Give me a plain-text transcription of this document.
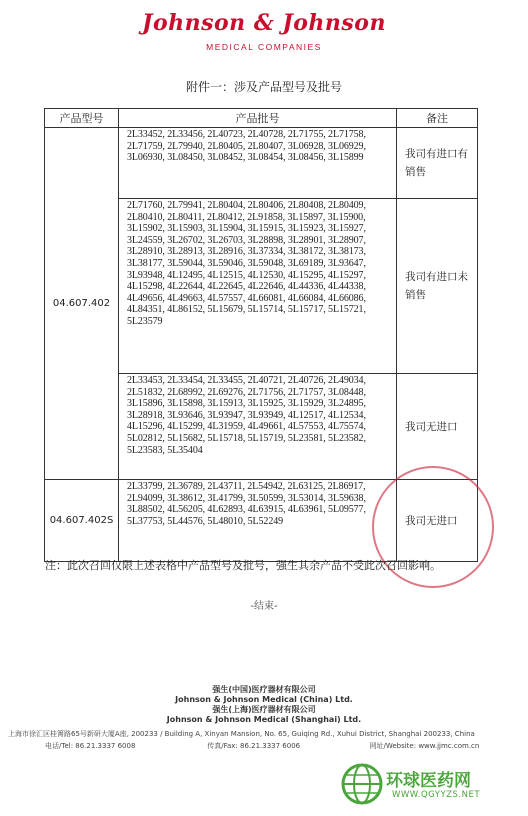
Johnson & Johnson
MEDICAL COMPANIES
附件一：涉及产品型号及批号
产品型号	产品批号	备注
04.607.402	2L33452, 2L33456, 2L40723, 2L40728, 2L71755, 2L71758, 2L71759, 2L79940, 2L80405, 2L80407, 3L06928, 3L06929, 3L06930, 3L08450, 3L08452, 3L08454, 3L08456, 3L15899	我司有进口有销售
	2L71760, 2L79941, 2L80404, 2L80406, 2L80408, 2L80409, 2L80410, 2L80411, 2L80412, 2L91858, 3L15897, 3L15900, 3L15902, 3L15903, 3L15904, 3L15915, 3L15923, 3L15927, 3L24559, 3L26702, 3L26703, 3L28898, 3L28901, 3L28907, 3L28910, 3L28913, 3L28916, 3L37334, 3L38172, 3L38173, 3L38177, 3L59044, 3L59046, 3L59048, 3L69189, 3L93647, 3L93948, 4L12495, 4L12515, 4L12530, 4L15295, 4L15297, 4L15298, 4L22644, 4L22645, 4L22646, 4L44336, 4L44338, 4L49656, 4L49663, 4L57557, 4L66081, 4L66084, 4L66086, 4L84351, 4L86152, 5L15679, 5L15714, 5L15717, 5L15721, 5L23579	我司有进口未销售
	2L33453, 2L33454, 2L33455, 2L40721, 2L40726, 2L49034, 2L51832, 2L68992, 2L69276, 2L71756, 2L71757, 3L08448, 3L15896, 3L15898, 3L15913, 3L15925, 3L15929, 3L24895, 3L28918, 3L93646, 3L93947, 3L93949, 4L12517, 4L12534, 4L15296, 4L15299, 4L31959, 4L49661, 4L57553, 4L75574, 5L02812, 5L15682, 5L15718, 5L15719, 5L23581, 5L23582, 5L23583, 5L35404	我司无进口
04.607.402S	2L33799, 2L36789, 2L43711, 2L54942, 2L63125, 2L86917, 2L94099, 3L38612, 3L41799, 3L50599, 3L53014, 3L59638, 3L88502, 4L56205, 4L62893, 4L63915, 4L63961, 5L09577, 5L37753, 5L44576, 5L48010, 5L52249	我司无进口
注：此次召回仅限上述表格中产品型号及批号，强生其余产品不受此次召回影响。
-结束-
强生(中国)医疗器材有限公司
Johnson & Johnson Medical (China) Ltd.
强生(上海)医疗器材有限公司
Johnson & Johnson Medical (Shanghai) Ltd.
上海市徐汇区桂箐路65号新研大厦A座, 200233 / Building A, Xinyan Mansion, No. 65, Guiqing Rd., Xuhui District, Shanghai 200233, China
电话/Tel: 86.21.3337 6008	传真/Fax: 86.21.3337 6006	网址/Website: www.jjmc.com.cn
环球医药网
WWW.QGYYZS.NET
